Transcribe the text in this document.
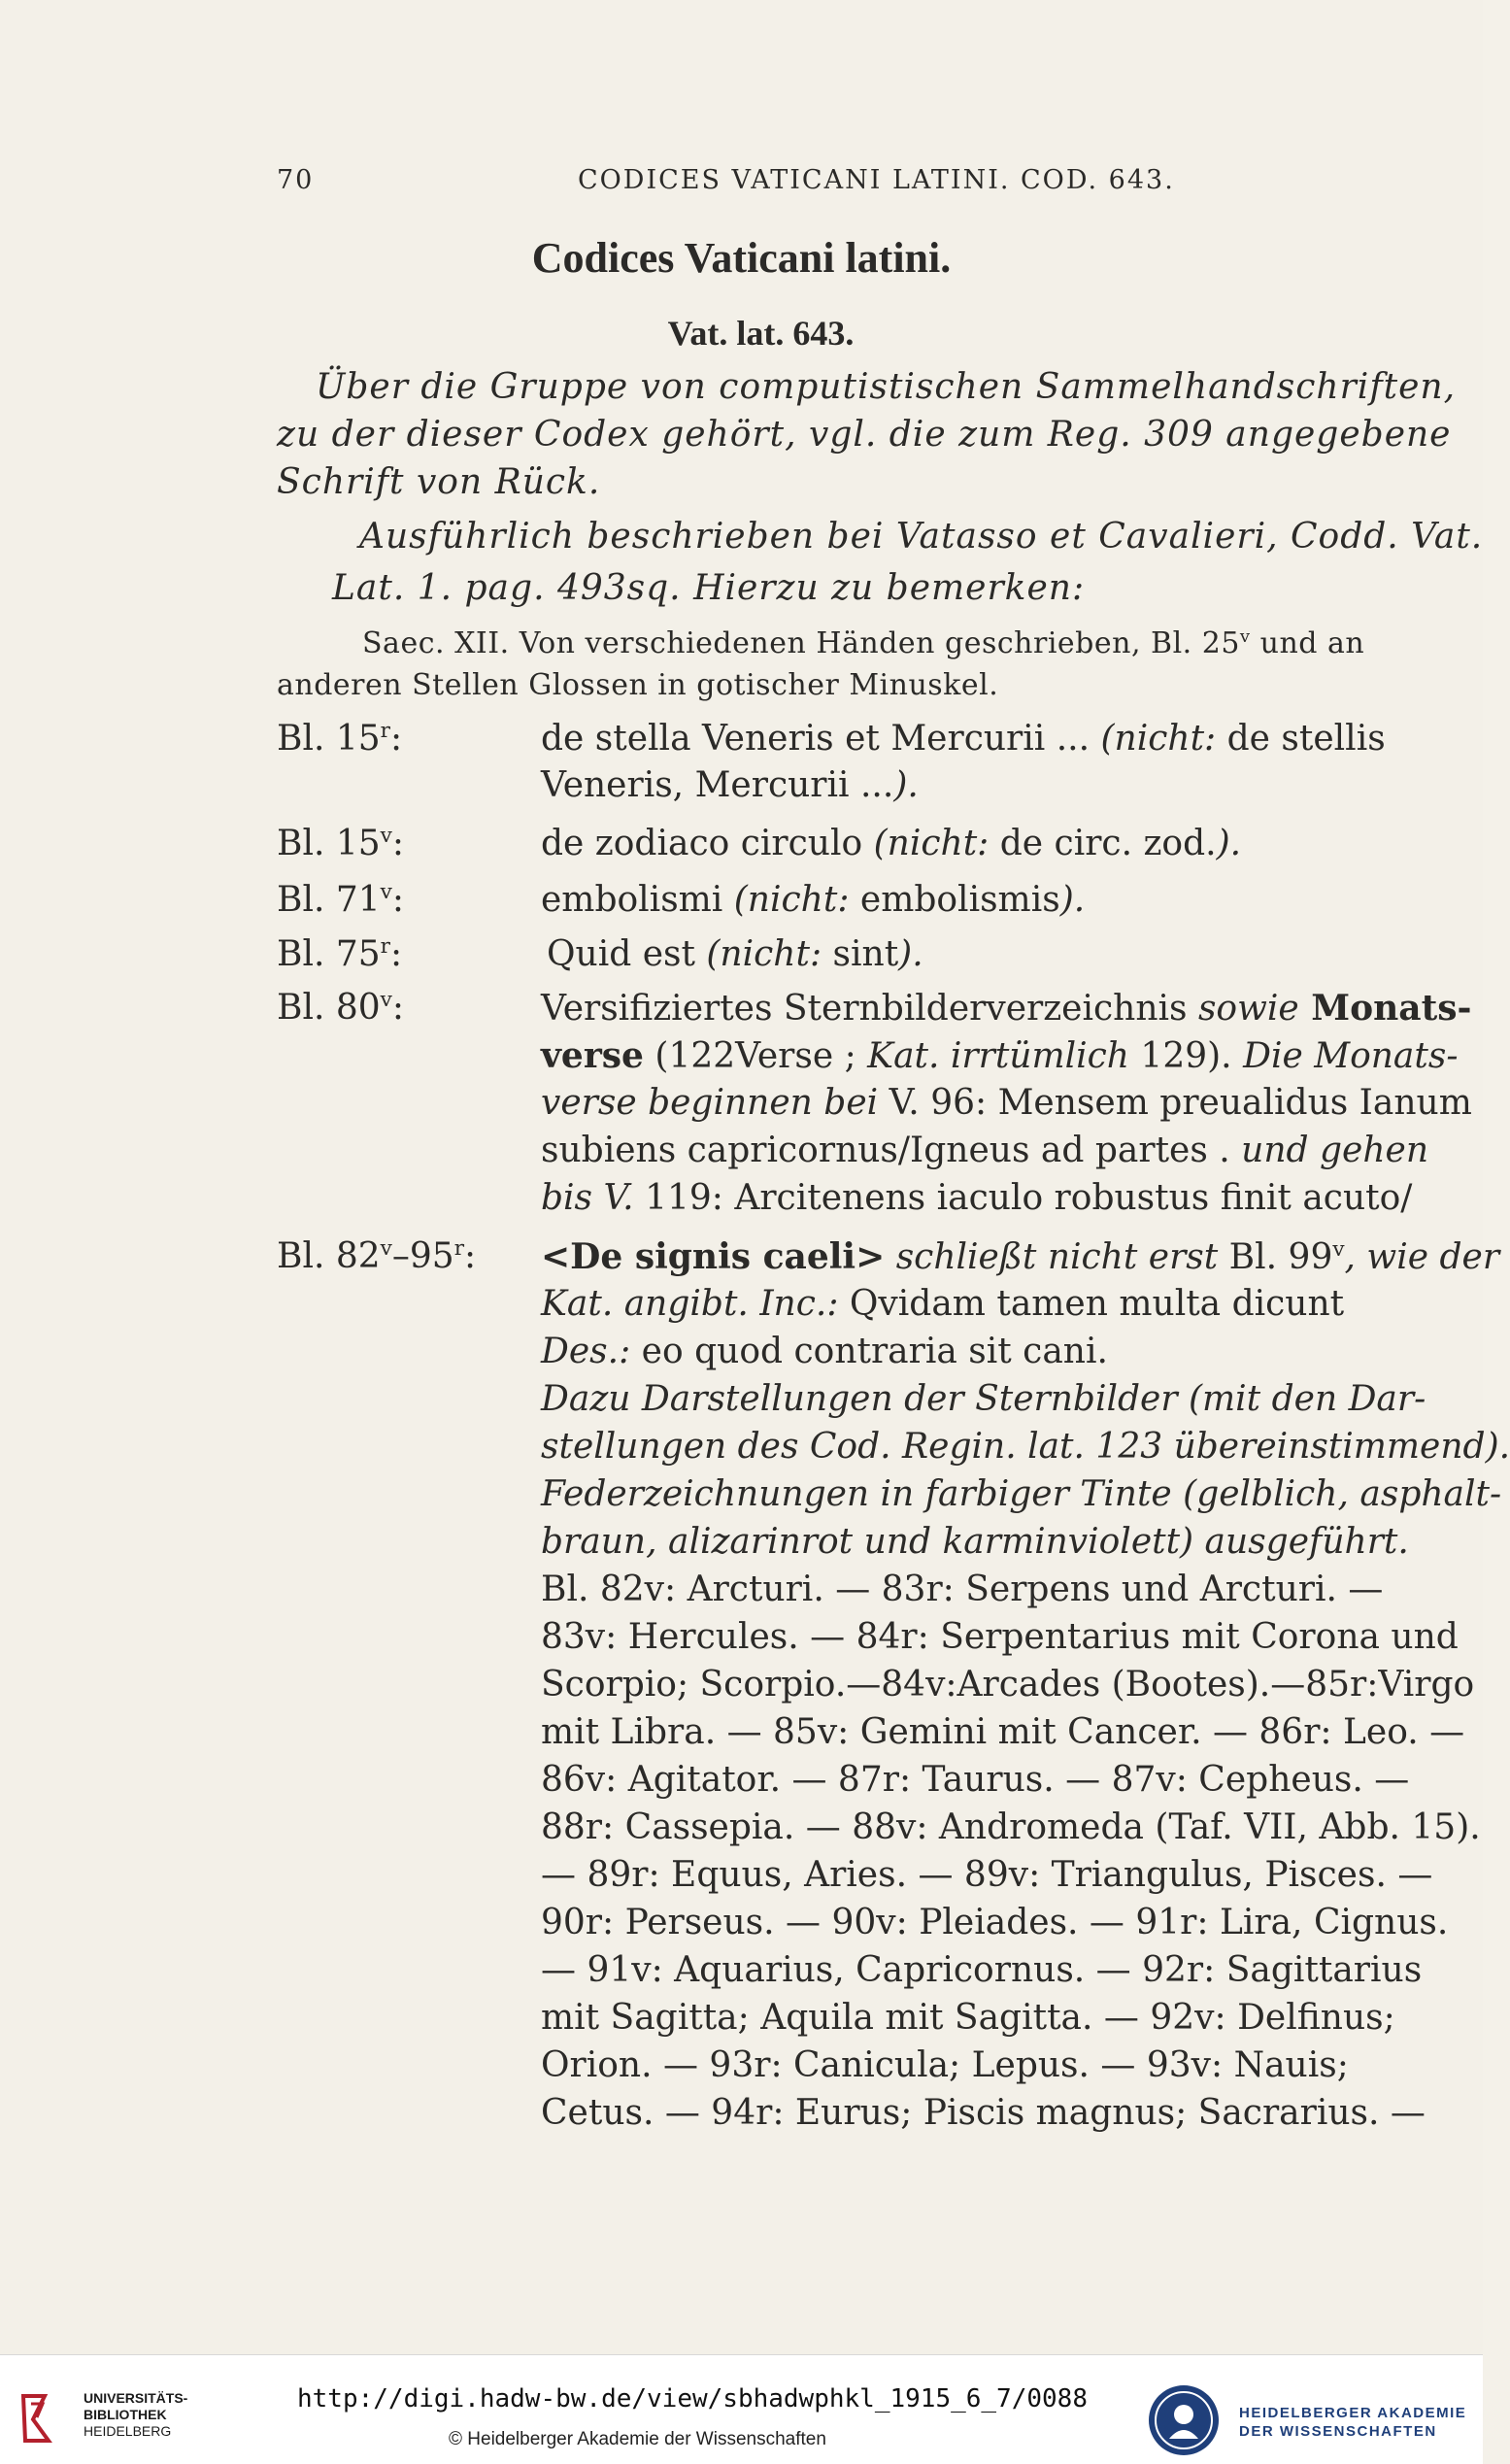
70	CODICES VATICANI LATINI. COD. 643.
Codices Vaticani latini.
Vat. lat. 643.
Über die Gruppe von computistischen Sammelhandschriften,
zu der dieser Codex gehört, vgl. die zum Reg. 309 angegebene
Schrift von Rück.
Ausführlich beschrieben bei Vatasso et Cavalieri, Codd. Vat.
Lat. 1. pag. 493sq. Hierzu zu bemerken:
Saec. XII. Von verschiedenen Händen geschrieben, Bl. 25$^v$ und an
anderen Stellen Glossen in gotischer Minuskel.
Bl. 15$^r$:	de stella Veneris et Mercurii ... (nicht: de stellis
Veneris, Mercurii ...).
Bl. 15$^v$:	de zodiaco circulo (nicht: de circ. zod.).
Bl. 71$^v$:	embolismi (nicht: embolismis).
Bl. 75$^r$:	Quid est (nicht: sint).
Bl. 80$^v$:	Versifiziertes Sternbilderverzeichnis sowie Monats-
verse (122Verse ; Kat. irrtümlich 129). Die Monats-
verse beginnen bei V. 96: Mensem preualidus Ianum
subiens capricornus/Igneus ad partes . und gehen
bis V. 119: Arcitenens iaculo robustus finit acuto/
Bl. $82^v-95^r$: <De signis caeli> schließt nicht erst Bl. 99$^v$, wie der
Kat. angibt. Inc.: Qvidam tamen multa dicunt
Des.: eo quod contraria sit cani.
Dazu Darstellungen der Sternbilder (mit den Dar-
stellungen des Cod. Regin. lat. 123 übereinstimmend).
Federzeichnungen in farbiger Tinte (gelblich, asphalt-
braun, alizarinrot und karminviolett) ausgeführt.
Bl. 82v: Arcturi. — 83r: Serpens und Arcturi. —
83v: Hercules. — 84r: Serpentarius mit Corona und
Scorpio; Scorpio.—84v:Arcades (Bootes).—85r:Virgo
mit Libra. — 85v: Gemini mit Cancer. — 86r: Leo. —
86v: Agitator. — 87r: Taurus. — 87v: Cepheus. —
88r: Cassepia. — 88v: Andromeda (Taf. VII, Abb. 15).
— 89r: Equus, Aries. — 89v: Triangulus, Pisces. —
90r: Perseus. — 90v: Pleiades. — 91r: Lira, Cignus.
— 91v: Aquarius, Capricornus. — 92r: Sagittarius
mit Sagitta; Aquila mit Sagitta. — 92v: Delfinus;
Orion. — 93r: Canicula; Lepus. — 93v: Nauis;
Cetus. — 94r: Eurus; Piscis magnus; Sacrarius. —
UNIVERSITÄTS-
BIBLIOTHEK
HEIDELBERG
http://digi.hadw-bw.de/view/sbhadwphkl_1915_6_7/0088
© Heidelberger Akademie der Wissenschaften
HEIDELBERGER AKADEMIE
DER WISSENSCHAFTEN
